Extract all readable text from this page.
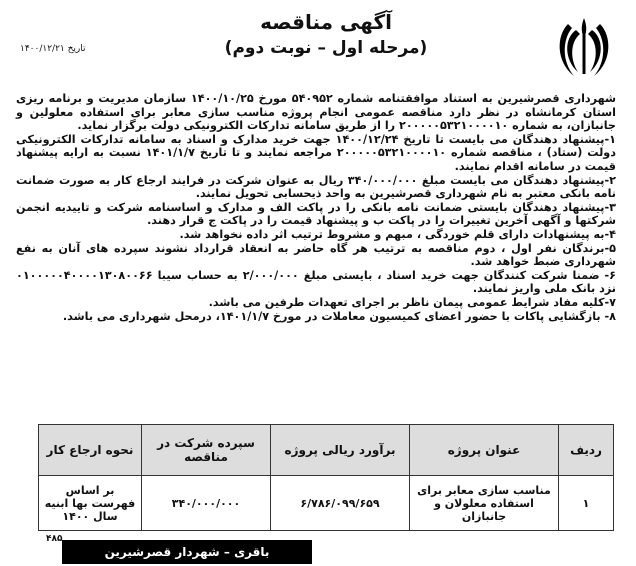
آگهی مناقصه
(مرحله اول – نوبت دوم)
تاریخ ۱۴۰۰/۱۲/۲۱

شهرداری قصرشیرین به استناد موافقتنامه شماره ۵۴۰۹۵۲ مورخ ۱۴۰۰/۱۰/۲۵ سازمان مدیریت و برنامه ریزی استان کرمانشاه در نظر دارد مناقصه عمومی انجام پروژه مناسب سازی معابر برای استفاده معلولین و جانبازان، به شماره ۲۰۰۰۰۰۵۳۲۱۰۰۰۰۱۰ را از طریق سامانه تدارکات الکترونیکی دولت برگزار نماید.

۱-پیشنهاد دهندگان می بایست تا تاریخ ۱۴۰۰/۱۲/۲۴ جهت خرید مدارک و اسناد به سامانه تدارکات الکترونیکی دولت (ستاد) ، مناقصه شماره ۲۰۰۰۰۰۵۳۲۱۰۰۰۰۱۰ مراجعه نمایند و تا تاریخ ۱۴۰۱/۱/۷ نسبت به ارایه پیشنهاد قیمت در سامانه اقدام نمایند.

۲-پیشنهاد دهندگان می بایست مبلغ ۳۴۰/۰۰۰/۰۰۰ ریال به عنوان شرکت در فرایند ارجاع کار به صورت ضمانت نامه بانکی معتبر به نام شهرداری قصرشیرین به واحد ذیحسابی تحویل نمایند.

۳-پیشنهاد دهندگان بایستی ضمانت نامه بانکی را در پاکت الف و مدارک و اساسنامه شرکت و تاییدیه انجمن شرکتها و آگهی آخرین تغییرات را در پاکت ب و پیشنهاد قیمت را در پاکت ج قرار دهند.

۴-به پیشنهادات دارای قلم خوردگی ، مبهم و مشروط ترتیب اثر داده نخواهد شد.

۵-برندگان نفر اول ، دوم مناقصه به ترتیب هر گاه حاضر به انعقاد قرارداد نشوند سپرده های آنان به نفع شهرداری ضبط خواهد شد.

۶- ضمنا شرکت کنندگان جهت خرید اسناد ، بایستی مبلغ ۲/۰۰۰/۰۰۰ به حساب سیبا ۰۱۰۰۰۰۰۴۰۰۰۰۱۳۰۸۰۰۶۶ نزد بانک ملی واریز نمایند.

۷-کلیه مفاد شرایط عمومی پیمان ناظر بر اجرای تعهدات طرفین می باشد.

۸- بازگشایی پاکات با حضور اعضای کمیسیون معاملات در مورخ ۱۴۰۱/۱/۷، درمحل شهرداری می باشد.

ردیف	عنوان پروژه	برآورد ریالی پروژه	سپرده شرکت در مناقصه	نحوه ارجاع کار
۱	مناسب سازی معابر برای استفاده معلولان و جانبازان	۶/۷۸۶/۰۹۹/۶۵۹	۳۴۰/۰۰۰/۰۰۰	بر اساس فهرست بها ابنیه سال ۱۴۰۰
۴۸۵
باقری – شهردار قصرشیرین
